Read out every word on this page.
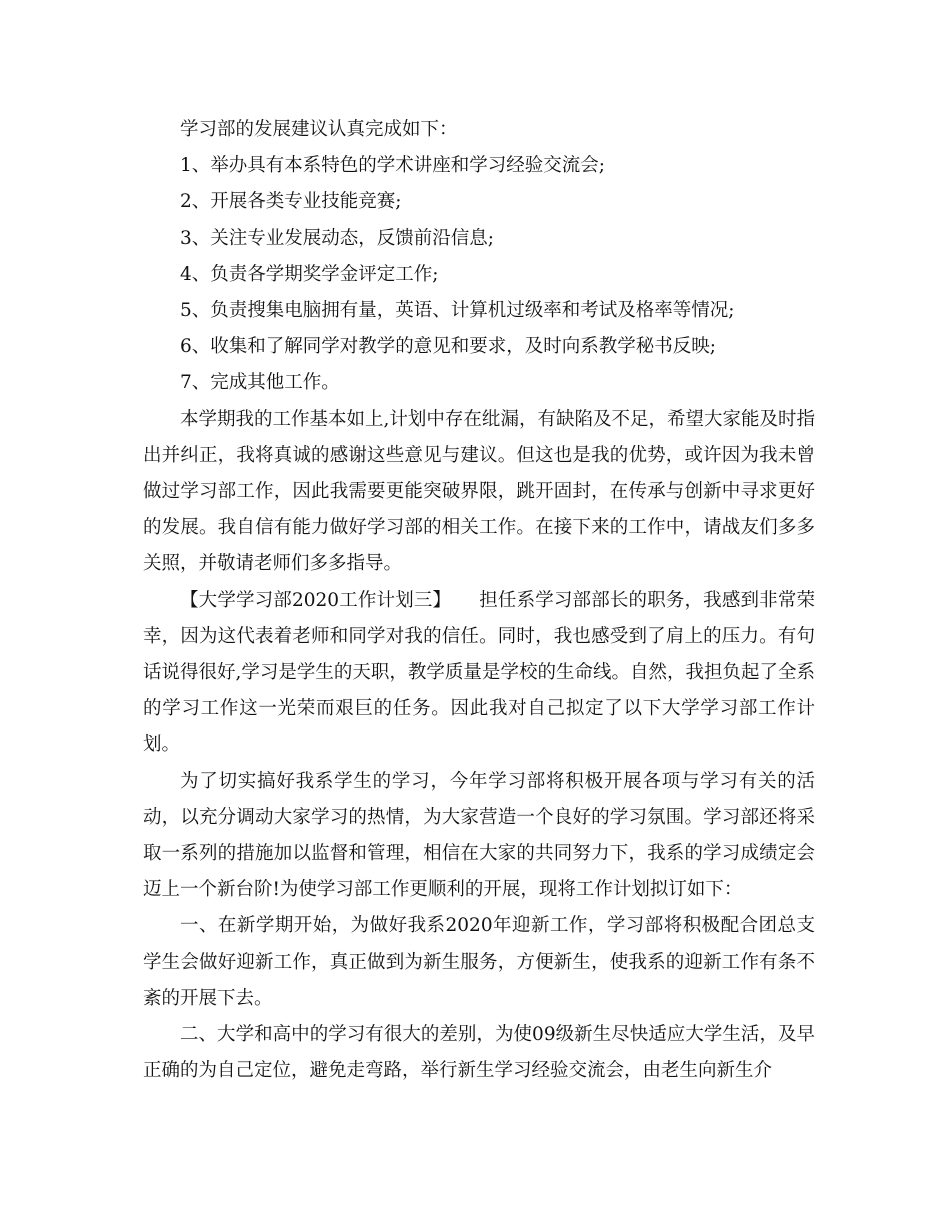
学习部的发展建议认真完成如下：

1、举办具有本系特色的学术讲座和学习经验交流会;

2、开展各类专业技能竞赛;

3、关注专业发展动态，反馈前沿信息;

4、负责各学期奖学金评定工作;

5、负责搜集电脑拥有量，英语、计算机过级率和考试及格率等情况;

6、收集和了解同学对教学的意见和要求，及时向系教学秘书反映;

7、完成其他工作。

本学期我的工作基本如上,计划中存在纰漏，有缺陷及不足，希望大家能及时指出并纠正，我将真诚的感谢这些意见与建议。但这也是我的优势，或许因为我未曾做过学习部工作，因此我需要更能突破界限，跳开固封，在传承与创新中寻求更好的发展。我自信有能力做好学习部的相关工作。在接下来的工作中，请战友们多多关照，并敬请老师们多多指导。

【大学学习部2020工作计划三】　　担任系学习部部长的职务，我感到非常荣幸，因为这代表着老师和同学对我的信任。同时，我也感受到了肩上的压力。有句话说得很好,学习是学生的天职，教学质量是学校的生命线。自然，我担负起了全系的学习工作这一光荣而艰巨的任务。因此我对自己拟定了以下大学学习部工作计划。

为了切实搞好我系学生的学习，今年学习部将积极开展各项与学习有关的活动，以充分调动大家学习的热情，为大家营造一个良好的学习氛围。学习部还将采取一系列的措施加以监督和管理，相信在大家的共同努力下，我系的学习成绩定会迈上一个新台阶!为使学习部工作更顺利的开展，现将工作计划拟订如下：

一、在新学期开始，为做好我系2020年迎新工作，学习部将积极配合团总支学生会做好迎新工作，真正做到为新生服务，方便新生，使我系的迎新工作有条不紊的开展下去。

二、大学和高中的学习有很大的差别，为使09级新生尽快适应大学生活，及早正确的为自己定位，避免走弯路，举行新生学习经验交流会，由老生向新生介
